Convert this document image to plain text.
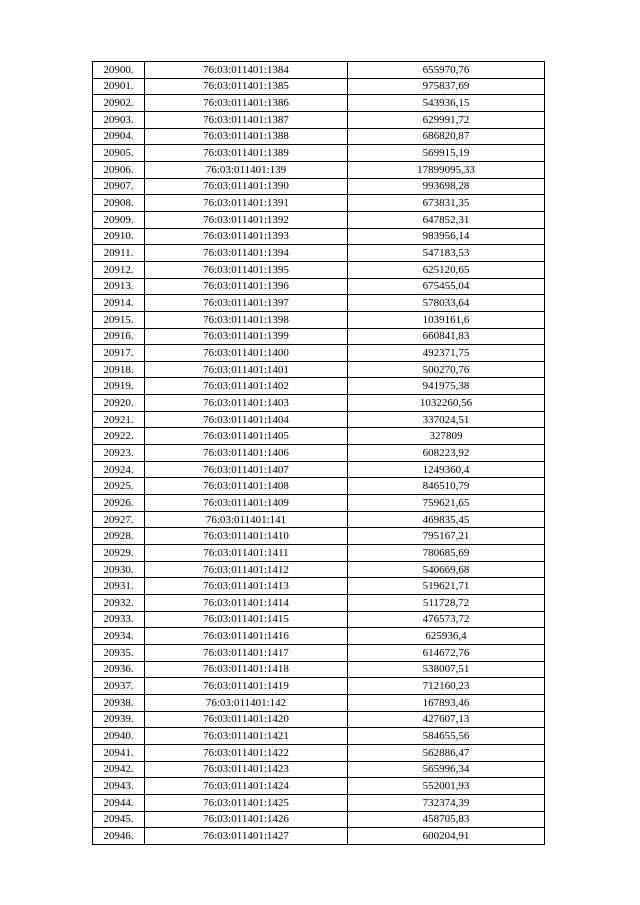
20900.	76:03:011401:1384	655970,76
20901.	76:03:011401:1385	975837,69
20902.	76:03:011401:1386	543936,15
20903.	76:03:011401:1387	629991,72
20904.	76:03:011401:1388	686820,87
20905.	76:03:011401:1389	569915,19
20906.	76:03:011401:139	17899095,33
20907.	76:03:011401:1390	993698,28
20908.	76:03:011401:1391	673831,35
20909.	76:03:011401:1392	647852,31
20910.	76:03:011401:1393	983956,14
20911.	76:03:011401:1394	547183,53
20912.	76:03:011401:1395	625120,65
20913.	76:03:011401:1396	675455,04
20914.	76:03:011401:1397	578033,64
20915.	76:03:011401:1398	1039161,6
20916.	76:03:011401:1399	660841,83
20917.	76:03:011401:1400	492371,75
20918.	76:03:011401:1401	500270,76
20919.	76:03:011401:1402	941975,38
20920.	76:03:011401:1403	1032260,56
20921.	76:03:011401:1404	337024,51
20922.	76:03:011401:1405	327809
20923.	76:03:011401:1406	608223,92
20924.	76:03:011401:1407	1249360,4
20925.	76:03:011401:1408	846510,79
20926.	76:03:011401:1409	759621,65
20927.	76:03:011401:141	469835,45
20928.	76:03:011401:1410	795167,21
20929.	76:03:011401:1411	780685,69
20930.	76:03:011401:1412	540669,68
20931.	76:03:011401:1413	519621,71
20932.	76:03:011401:1414	511728,72
20933.	76:03:011401:1415	476573,72
20934.	76:03:011401:1416	625936,4
20935.	76:03:011401:1417	614672,76
20936.	76:03:011401:1418	538007,51
20937.	76:03:011401:1419	712160,23
20938.	76:03:011401:142	167893,46
20939.	76:03:011401:1420	427607,13
20940.	76:03:011401:1421	584655,56
20941.	76:03:011401:1422	562886,47
20942.	76:03:011401:1423	565996,34
20943.	76:03:011401:1424	552001,93
20944.	76:03:011401:1425	732374,39
20945.	76:03:011401:1426	458705,83
20946.	76:03:011401:1427	600204,91
